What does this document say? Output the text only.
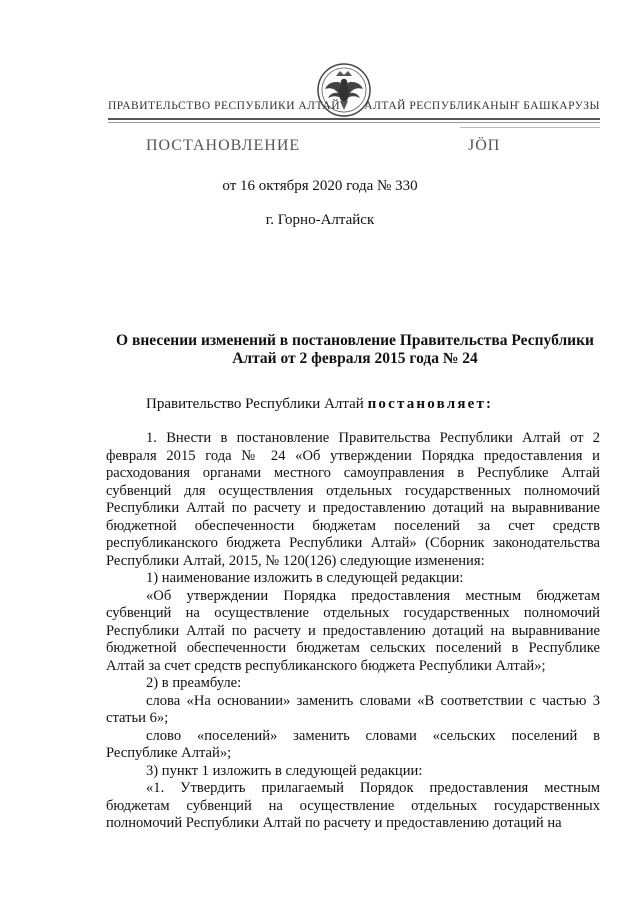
ПРАВИТЕЛЬСТВО РЕСПУБЛИКИ АЛТАЙ АЛТАЙ РЕСПУБЛИКАНЫҤ БАШКАРУЗЫ
ПОСТАНОВЛЕНИЕ	ЈӦП
от 16 октября 2020 года № 330
г. Горно-Алтайск
О внесении изменений в постановление Правительства Республики
Алтай от 2 февраля 2015 года № 24
Правительство Республики Алтай постановляет:

1. Внести в постановление Правительства Республики Алтай от 2 февраля 2015 года № 24 «Об утверждении Порядка предоставления и расходования органами местного самоуправления в Республике Алтай субвенций для осуществления отдельных государственных полномочий Республики Алтай по расчету и предоставлению дотаций на выравнивание бюджетной обеспеченности бюджетам поселений за счет средств республиканского бюджета Республики Алтай» (Сборник законодательства Республики Алтай, 2015, № 120(126) следующие изменения:

1) наименование изложить в следующей редакции:

«Об утверждении Порядка предоставления местным бюджетам субвенций на осуществление отдельных государственных полномочий Республики Алтай по расчету и предоставлению дотаций на выравнивание бюджетной обеспеченности бюджетам сельских поселений в Республике Алтай за счет средств республиканского бюджета Республики Алтай»;

2) в преамбуле:

слова «На основании» заменить словами «В соответствии с частью 3 статьи 6»;

слово «поселений» заменить словами «сельских поселений в Республике Алтай»;

3) пункт 1 изложить в следующей редакции:

«1. Утвердить прилагаемый Порядок предоставления местным бюджетам субвенций на осуществление отдельных государственных полномочий Республики Алтай по расчету и предоставлению дотаций на
